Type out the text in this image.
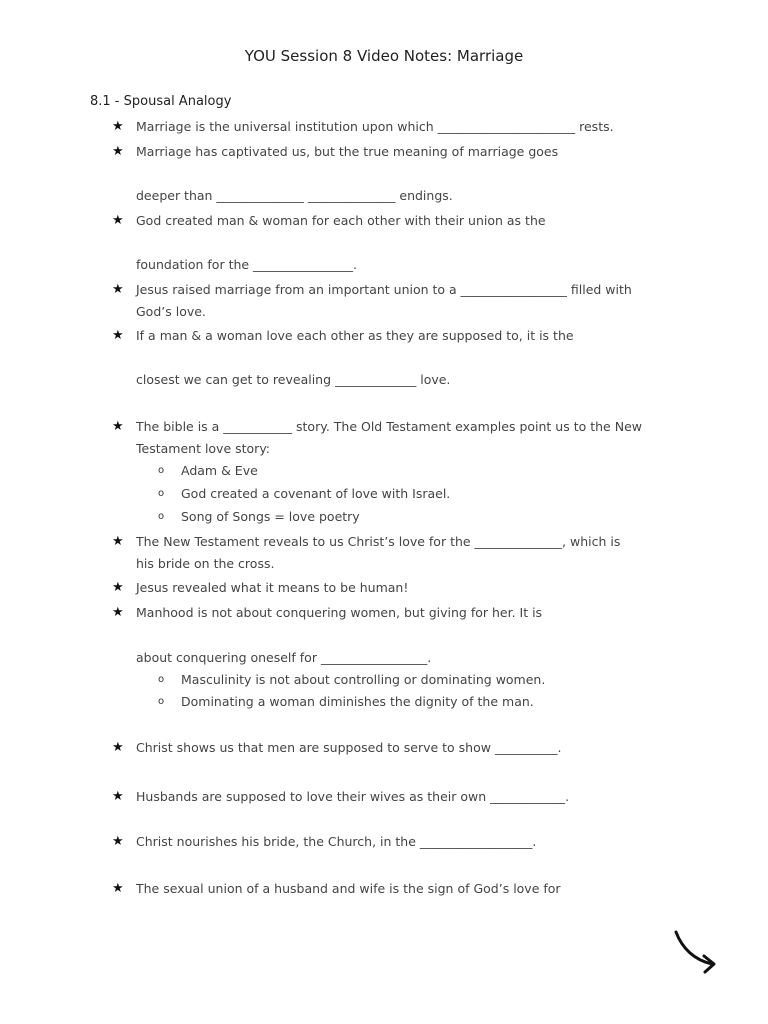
YOU Session 8 Video Notes: Marriage
8.1 - Spousal Analogy
★ Marriage is the universal institution upon which ______________________ rests.
★ Marriage has captivated us, but the true meaning of marriage goes
deeper than ______________ ______________ endings.
★ God created man & woman for each other with their union as the
foundation for the ________________.
★ Jesus raised marriage from an important union to a _________________ filled with
God’s love.
★ If a man & a woman love each other as they are supposed to, it is the
closest we can get to revealing _____________ love.
★ The bible is a ___________ story. The Old Testament examples point us to the New
Testament love story:
o Adam & Eve
o God created a covenant of love with Israel.
o Song of Songs = love poetry
★ The New Testament reveals to us Christ’s love for the ______________, which is
his bride on the cross.
★ Jesus revealed what it means to be human!
★ Manhood is not about conquering women, but giving for her. It is
about conquering oneself for _________________.
o Masculinity is not about controlling or dominating women.
o Dominating a woman diminishes the dignity of the man.
★ Christ shows us that men are supposed to serve to show __________.
★ Husbands are supposed to love their wives as their own ____________.
★ Christ nourishes his bride, the Church, in the __________________.
★ The sexual union of a husband and wife is the sign of God’s love for
